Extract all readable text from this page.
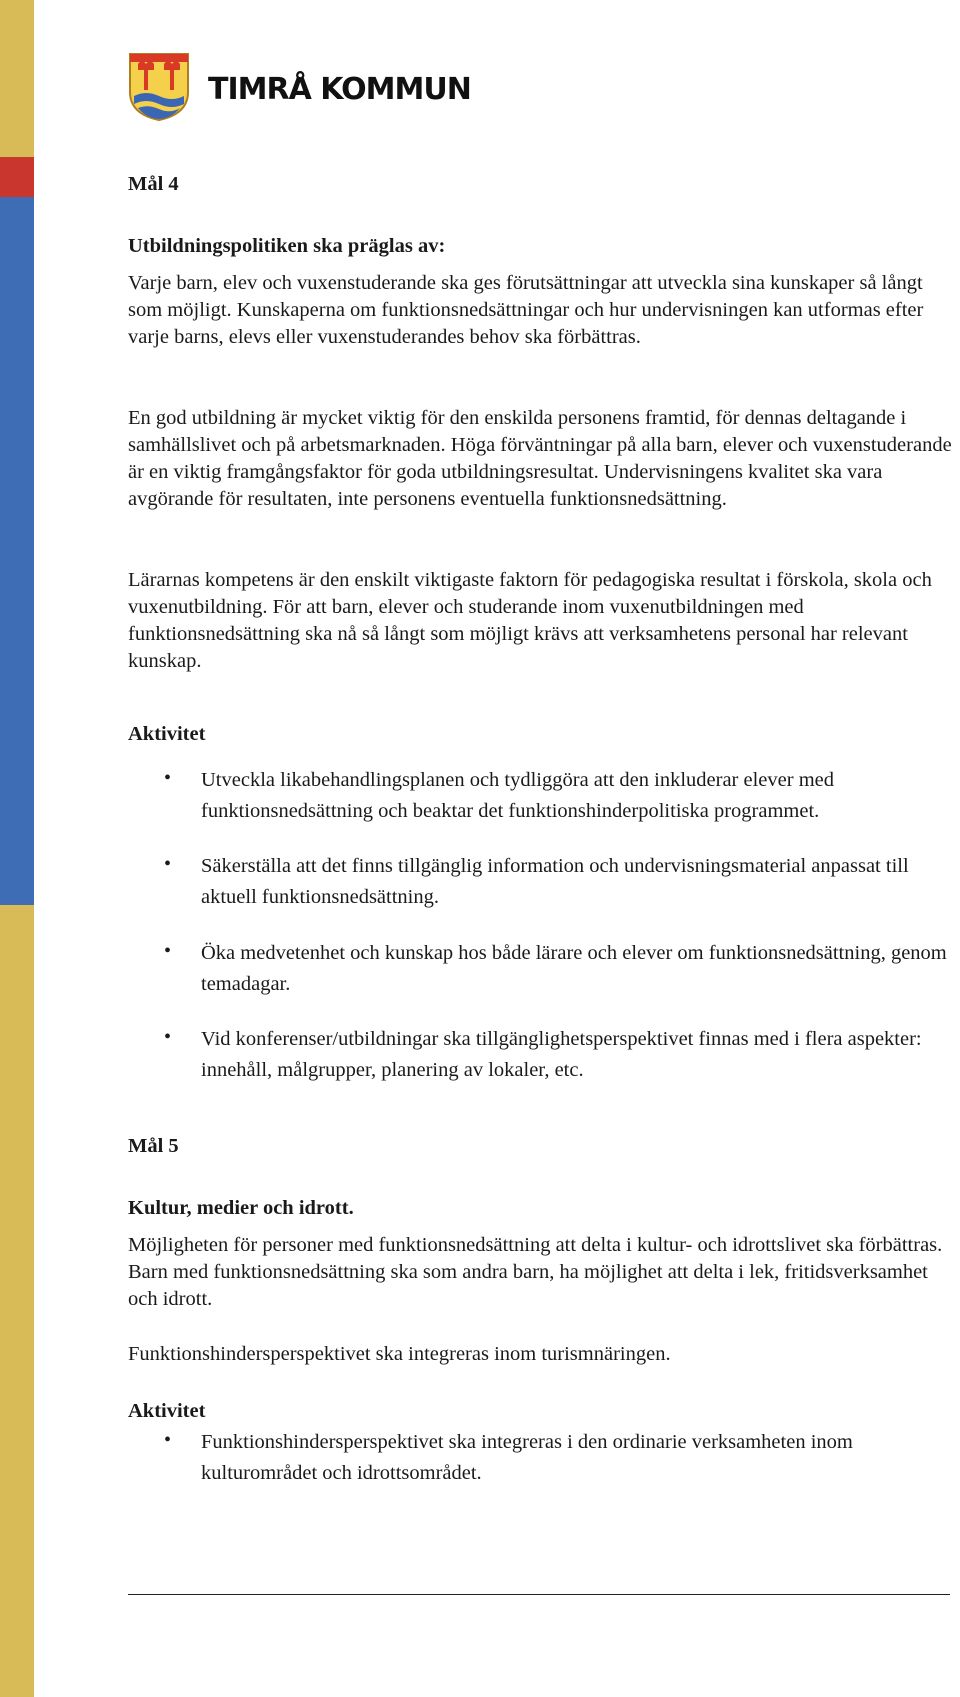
TIMRÅ KOMMUN
Mål 4
Utbildningspolitiken ska präglas av:

Varje barn, elev och vuxenstuderande ska ges förutsättningar att utveckla sina kunskaper så långt som möjligt. Kunskaperna om funktionsnedsättningar och hur undervisningen kan utformas efter varje barns, elevs eller vuxenstuderandes behov ska förbättras.

En god utbildning är mycket viktig för den enskilda personens framtid, för dennas deltagande i samhällslivet och på arbetsmarknaden. Höga förväntningar på alla barn, elever och vuxenstuderande är en viktig framgångsfaktor för goda utbildningsresultat. Undervisningens kvalitet ska vara avgörande för resultaten, inte personens eventuella funktionsnedsättning.

Lärarnas kompetens är den enskilt viktigaste faktorn för pedagogiska resultat i förskola, skola och vuxenutbildning. För att barn, elever och studerande inom vuxenutbildningen med funktionsnedsättning ska nå så långt som möjligt krävs att verksamhetens personal har relevant kunskap.

Aktivitet
• Utveckla likabehandlingsplanen och tydliggöra att den inkluderar elever med funktionsnedsättning och beaktar det funktionshinderpolitiska programmet.
• Säkerställa att det finns tillgänglig information och undervisningsmaterial anpassat till aktuell funktionsnedsättning.
• Öka medvetenhet och kunskap hos både lärare och elever om funktionsnedsättning, genom temadagar.
• Vid konferenser/utbildningar ska tillgänglighetsperspektivet finnas med i flera aspekter: innehåll, målgrupper, planering av lokaler, etc.
Mål 5
Kultur, medier och idrott.

Möjligheten för personer med funktionsnedsättning att delta i kultur- och idrottslivet ska förbättras. Barn med funktionsnedsättning ska som andra barn, ha möjlighet att delta i lek, fritidsverksamhet och idrott.

Funktionshindersperspektivet ska integreras inom turismnäringen.

Aktivitet
• Funktionshindersperspektivet ska integreras i den ordinarie verksamheten inom kulturområdet och idrottsområdet.
